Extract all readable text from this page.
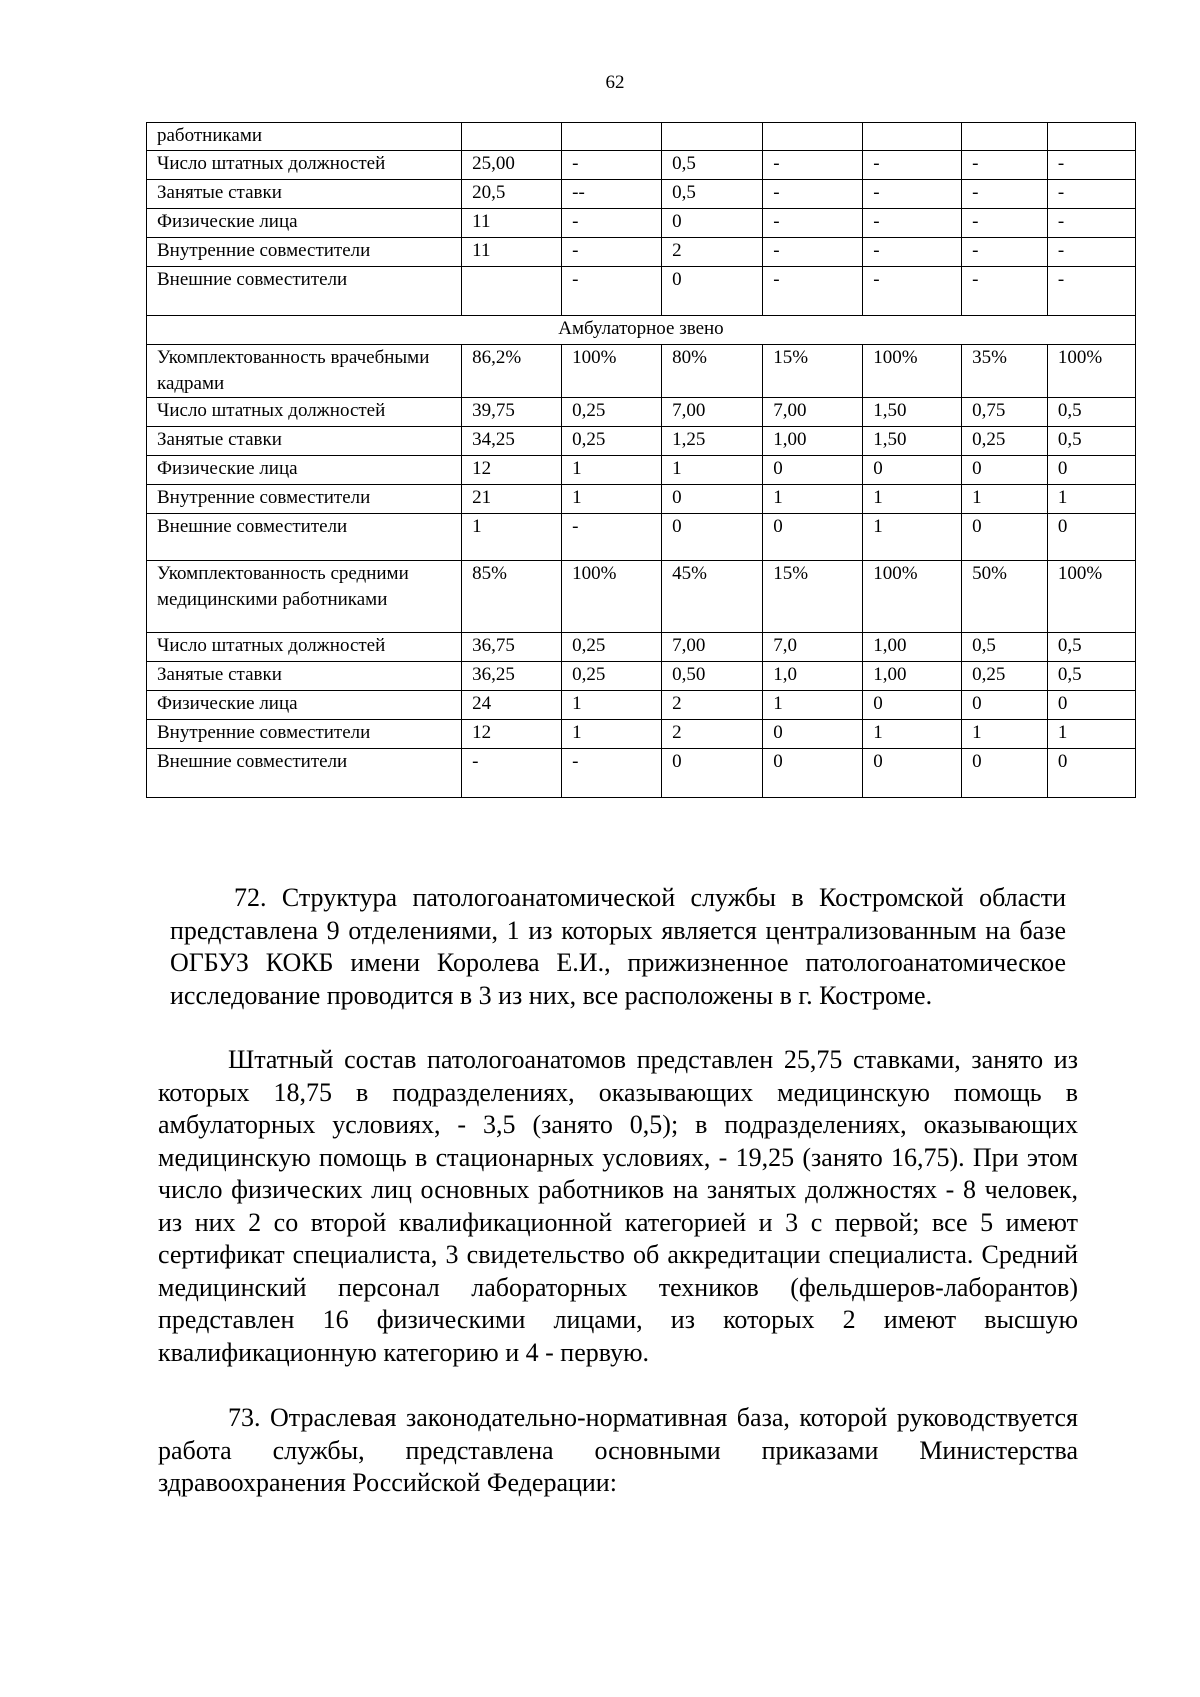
62
работниками							
Число штатных должностей	25,00	-	0,5	-	-	-	-
Занятые ставки	20,5	--	0,5	-	-	-	-
Физические лица	11	-	0	-	-	-	-
Внутренние совместители	11	-	2	-	-	-	-
Внешние совместители		-	0	-	-	-	-
Амбулаторное звено							
Укомплектованность врачебными кадрами	86,2%	100%	80%	15%	100%	35%	100%
Число штатных должностей	39,75	0,25	7,00	7,00	1,50	0,75	0,5
Занятые ставки	34,25	0,25	1,25	1,00	1,50	0,25	0,5
Физические лица	12	1	1	0	0	0	0
Внутренние совместители	21	1	0	1	1	1	1
Внешние совместители	1	-	0	0	1	0	0
Укомплектованность средними медицинскими работниками	85%	100%	45%	15%	100%	50%	100%
Число штатных должностей	36,75	0,25	7,00	7,0	1,00	0,5	0,5
Занятые ставки	36,25	0,25	0,50	1,0	1,00	0,25	0,5
Физические лица	24	1	2	1	0	0	0
Внутренние совместители	12	1	2	0	1	1	1
Внешние совместители	-	-	0	0	0	0	0

72. Структура патологоанатомической службы в Костромской области представлена 9 отделениями, 1 из которых является централизованным на базе ОГБУЗ КОКБ имени Королева Е.И., прижизненное патологоанатомическое исследование проводится в 3 из них, все расположены в г. Костроме.

Штатный состав патологоанатомов представлен 25,75 ставками, занято из которых 18,75 в подразделениях, оказывающих медицинскую помощь в амбулаторных условиях, - 3,5 (занято 0,5); в подразделениях, оказывающих медицинскую помощь в стационарных условиях, - 19,25 (занято 16,75). При этом число физических лиц основных работников на занятых должностях - 8 человек, из них 2 со второй квалификационной категорией и 3 с первой; все 5 имеют сертификат специалиста, 3 свидетельство об аккредитации специалиста. Средний медицинский персонал лабораторных техников (фельдшеров-лаборантов) представлен 16 физическими лицами, из которых 2 имеют высшую квалификационную категорию и 4 - первую.

73. Отраслевая законодательно-нормативная база, которой руководствуется работа службы, представлена основными приказами Министерства здравоохранения Российской Федерации:
